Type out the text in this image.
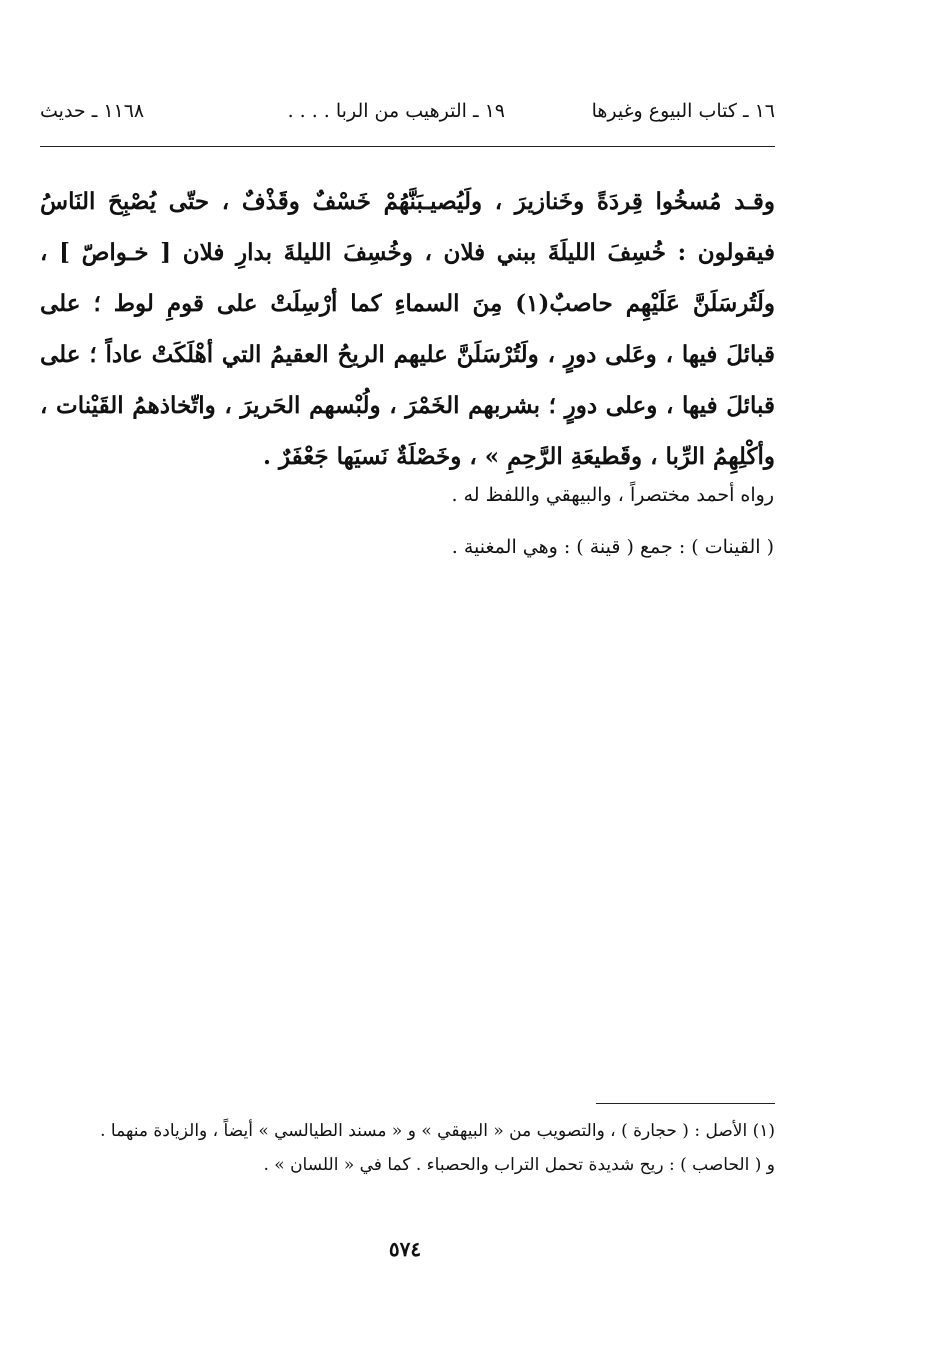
١٦ ـ كتاب البيوع وغيرها
١٩ ـ الترهيب من الربا . . . .
١١٦٨ ـ حديث

وقـد مُسخُوا قِردَةً وخَنازيرَ ، ولَيُصيـبَنَّهُمْ خَسْفٌ وقَذْفٌ ، حتّى يُصْبِحَ النَاسُ فيقولون : خُسِفَ الليلَةَ ببني فلان ، وخُسِفَ الليلةَ بدارِ فلان [ خـواصّ ] ، ولَتُرسَلَنَّ عَلَيْهِم حاصبٌ(١) مِنَ السماءِ كما أرْسِلَتْ على قومِ لوط ؛ على قبائلَ فيها ، وعَلى دورٍ ، ولَتُرْسَلَنَّ عليهم الريحُ العقيمُ التي أهْلَكَتْ عاداً ؛ على قبائلَ فيها ، وعلى دورٍ ؛ بشربهم الخَمْرَ ، ولُبْسهم الحَريرَ ، واتّخاذهمُ القَيْنات ، وأكْلِهِمُ الرِّبا ، وقَطيعَةِ الرَّحِمِ » ، وخَصْلَةٌ نَسيَها جَعْفَرٌ .

رواه أحمد مختصراً ، والبيهقي واللفظ له .
( القينات ) : جمع ( قينة ) : وهي المغنية .

(١) الأصل : ( حجارة ) ، والتصويب من « البيهقي » و « مسند الطيالسي » أيضاً ، والزيادة منهما .

و ( الحاصب ) : ريح شديدة تحمل التراب والحصباء . كما في « اللسان » .

٥٧٤
